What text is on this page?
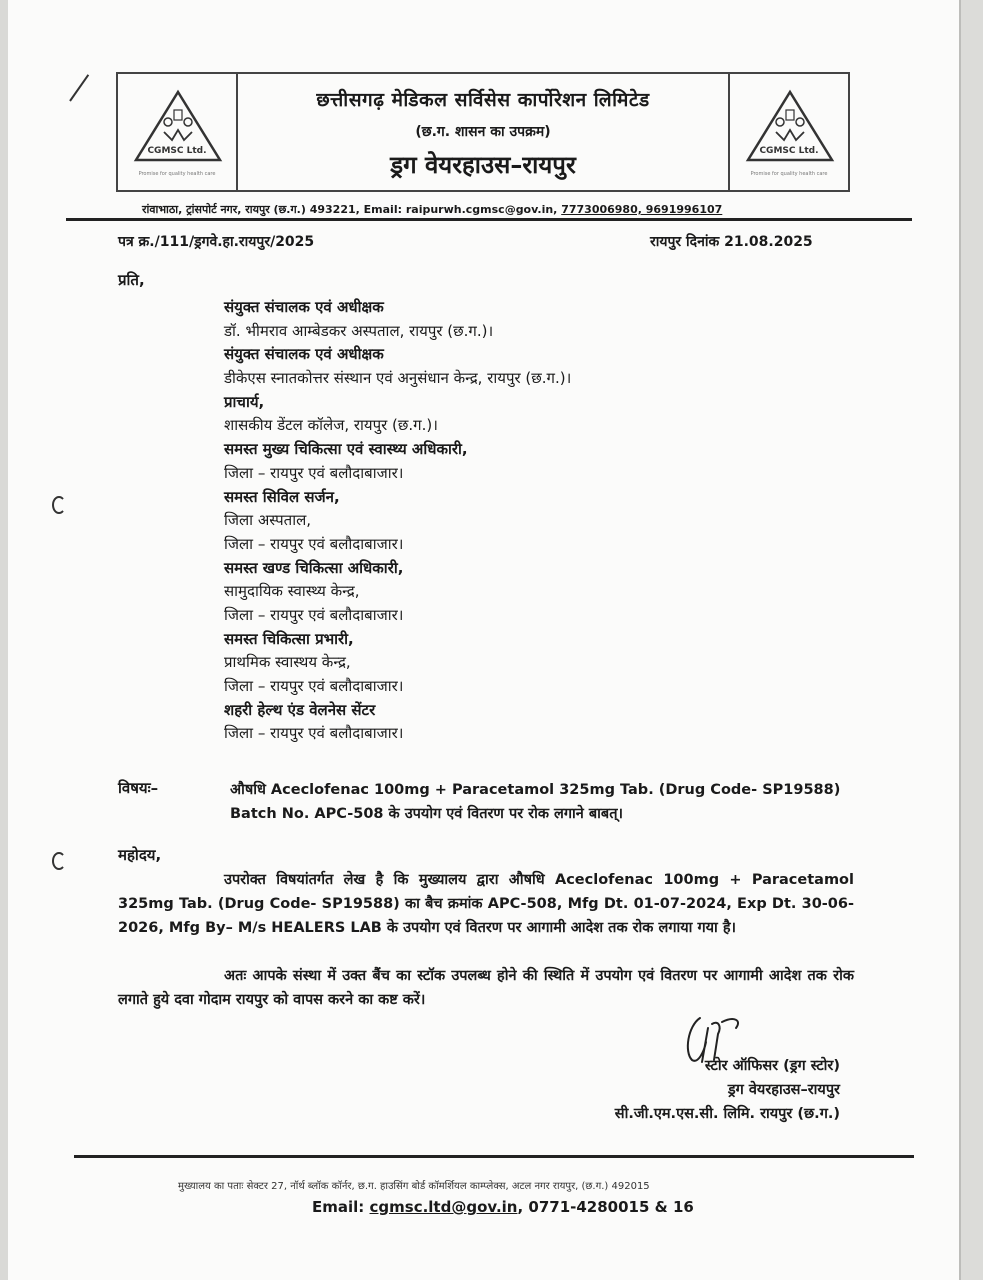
CGMSC Ltd.
Promise for quality health care
छत्तीसगढ़ मेडिकल सर्विसेस कार्पोरेशन लिमिटेड
(छ.ग. शासन का उपक्रम)
ड्रग वेयरहाउस–रायपुर	CGMSC Ltd.
Promise for quality health care
रांवाभाठा, ट्रांसपोर्ट नगर, रायपुर (छ.ग.) 493221, Email: raipurwh.cgmsc@gov.in, 7773006980, 9691996107
पत्र क्र./111/ड्रगवे.हा.रायपुर/2025	रायपुर दिनांक 21.08.2025
प्रति,
संयुक्त संचालक एवं अधीक्षक
डॉ. भीमराव आम्बेडकर अस्पताल, रायपुर (छ.ग.)।
संयुक्त संचालक एवं अधीक्षक
डीकेएस स्नातकोत्तर संस्थान एवं अनुसंधान केन्द्र, रायपुर (छ.ग.)।
प्राचार्य,
शासकीय डेंटल कॉलेज, रायपुर (छ.ग.)।
समस्त मुख्य चिकित्सा एवं स्वास्थ्य अधिकारी,
जिला – रायपुर एवं बलौदाबाजार।
समस्त सिविल सर्जन,
जिला अस्पताल,
जिला – रायपुर एवं बलौदाबाजार।
समस्त खण्ड चिकित्सा अधिकारी,
सामुदायिक स्वास्थ्य केन्द्र,
जिला – रायपुर एवं बलौदाबाजार।
समस्त चिकित्सा प्रभारी,
प्राथमिक स्वास्थय केन्द्र,
जिला – रायपुर एवं बलौदाबाजार।
शहरी हेल्थ एंड वेलनेस सेंटर
जिला – रायपुर एवं बलौदाबाजार।
विषयः–	औषधि Aceclofenac 100mg + Paracetamol 325mg Tab. (Drug Code- SP19588) Batch No. APC-508 के उपयोग एवं वितरण पर रोक लगाने बाबत्।
महोदय,
उपरोक्त विषयांतर्गत लेख है कि मुख्यालय द्वारा औषधि Aceclofenac 100mg + Paracetamol 325mg Tab. (Drug Code- SP19588) का बैच क्रमांक APC-508, Mfg Dt. 01-07-2024, Exp Dt. 30-06-2026, Mfg By– M/s HEALERS LAB के उपयोग एवं वितरण पर आगामी आदेश तक रोक लगाया गया है।
अतः आपके संस्था में उक्त बैंच का स्टॉक उपलब्ध होने की स्थिति में उपयोग एवं वितरण पर आगामी आदेश तक रोक लगाते हुये दवा गोदाम रायपुर को वापस करने का कष्ट करें।
स्टोर ऑफिसर (ड्रग स्टोर)
ड्रग वेयरहाउस–रायपुर
सी.जी.एम.एस.सी. लिमि. रायपुर (छ.ग.)
मुख्यालय का पताः सेक्टर 27, नॉर्थ ब्लॉक कॉर्नर, छ.ग. हाउसिंग बोर्ड कॉमर्शियल काम्प्लेक्स, अटल नगर रायपुर, (छ.ग.) 492015
Email: cgmsc.ltd@gov.in, 0771-4280015 & 16
